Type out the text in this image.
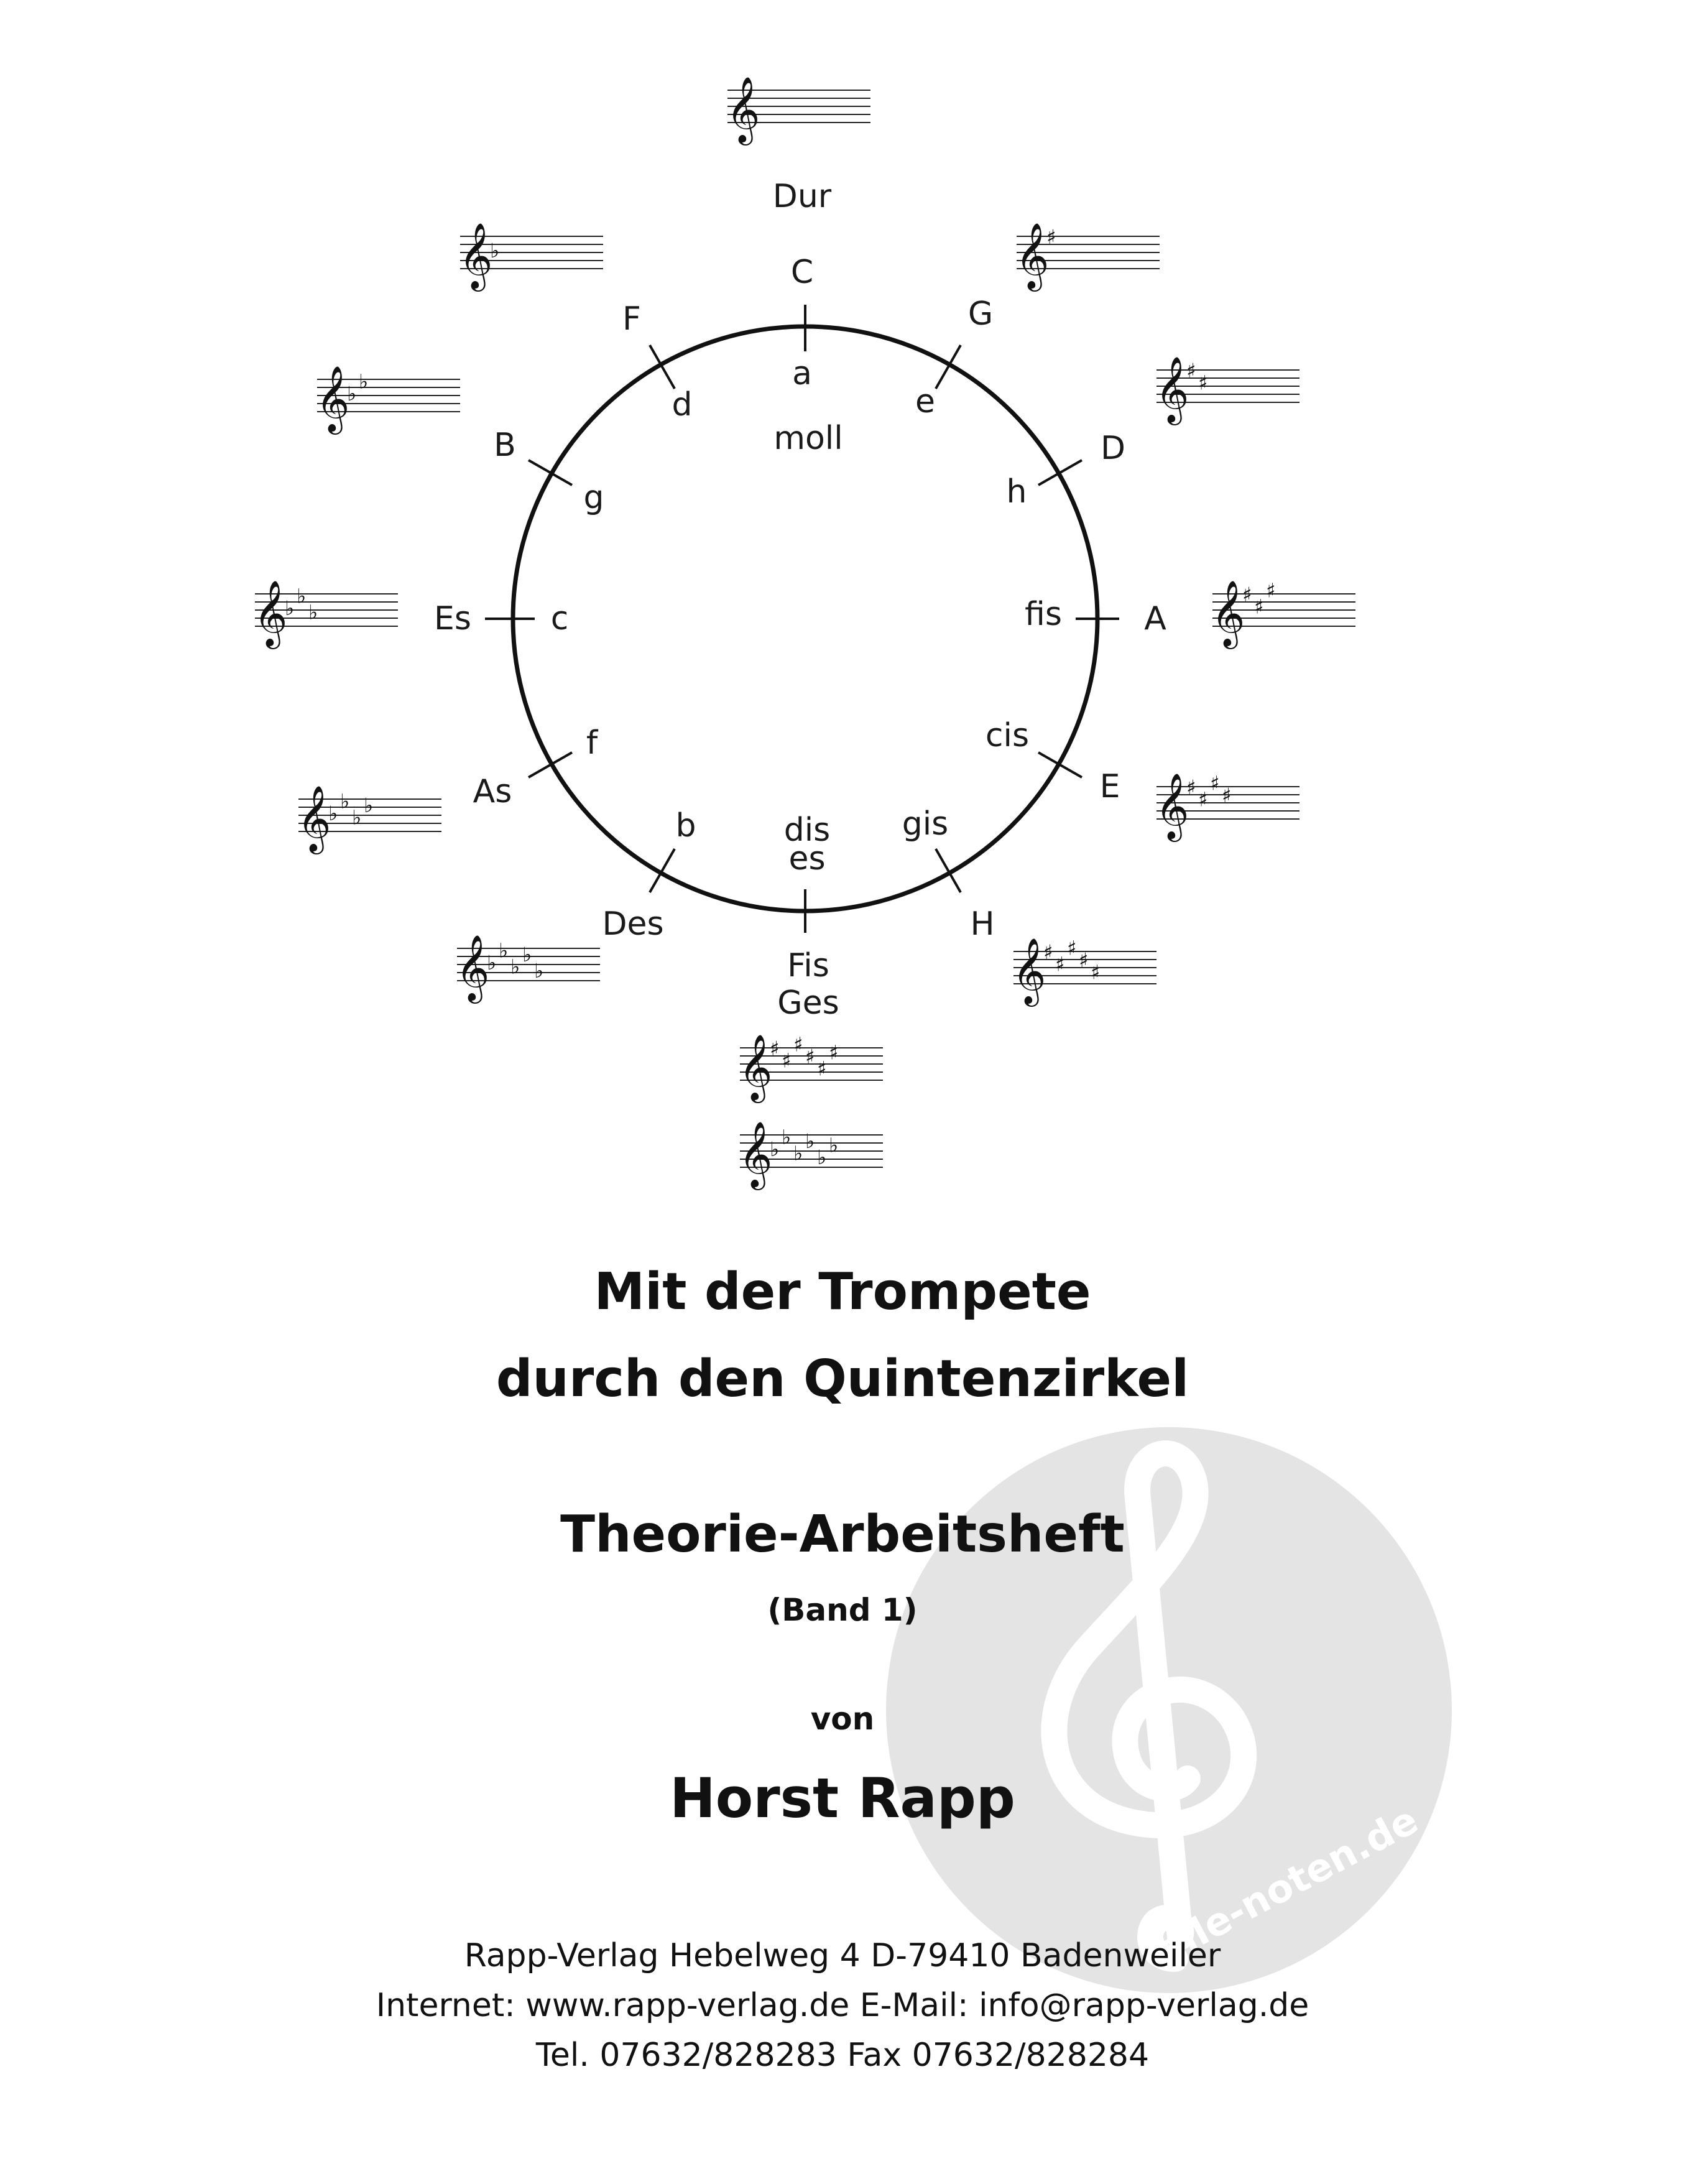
Dur
moll
C
G
D
A
E
H
Fis
Ges
Des
As
Es
B
F
a
e
h
fis
cis
gis
dis
es
b
f
c
g
d
𝄞
𝄞
♯
𝄞
♯
♯
𝄞
♯
♯
♯
𝄞
♯
♯
♯
♯
𝄞
♯
♯
♯
♯
♯
𝄞
♯
♯
♯
♯
♯
♯
𝄞
♭
♭
♭
♭
♭
♭
𝄞
♭
♭
♭
♭
♭
𝄞
♭
♭
♭
♭
𝄞
♭
♭
♭
𝄞
♭
♭
𝄞
♭
alle-noten.de
Mit der Trompete
durch den Quintenzirkel
Theorie-Arbeitsheft
(Band 1)
von
Horst Rapp
Rapp-Verlag Hebelweg 4 D-79410 Badenweiler
Internet: www.rapp-verlag.de E-Mail: info@rapp-verlag.de
Tel. 07632/828283 Fax 07632/828284
